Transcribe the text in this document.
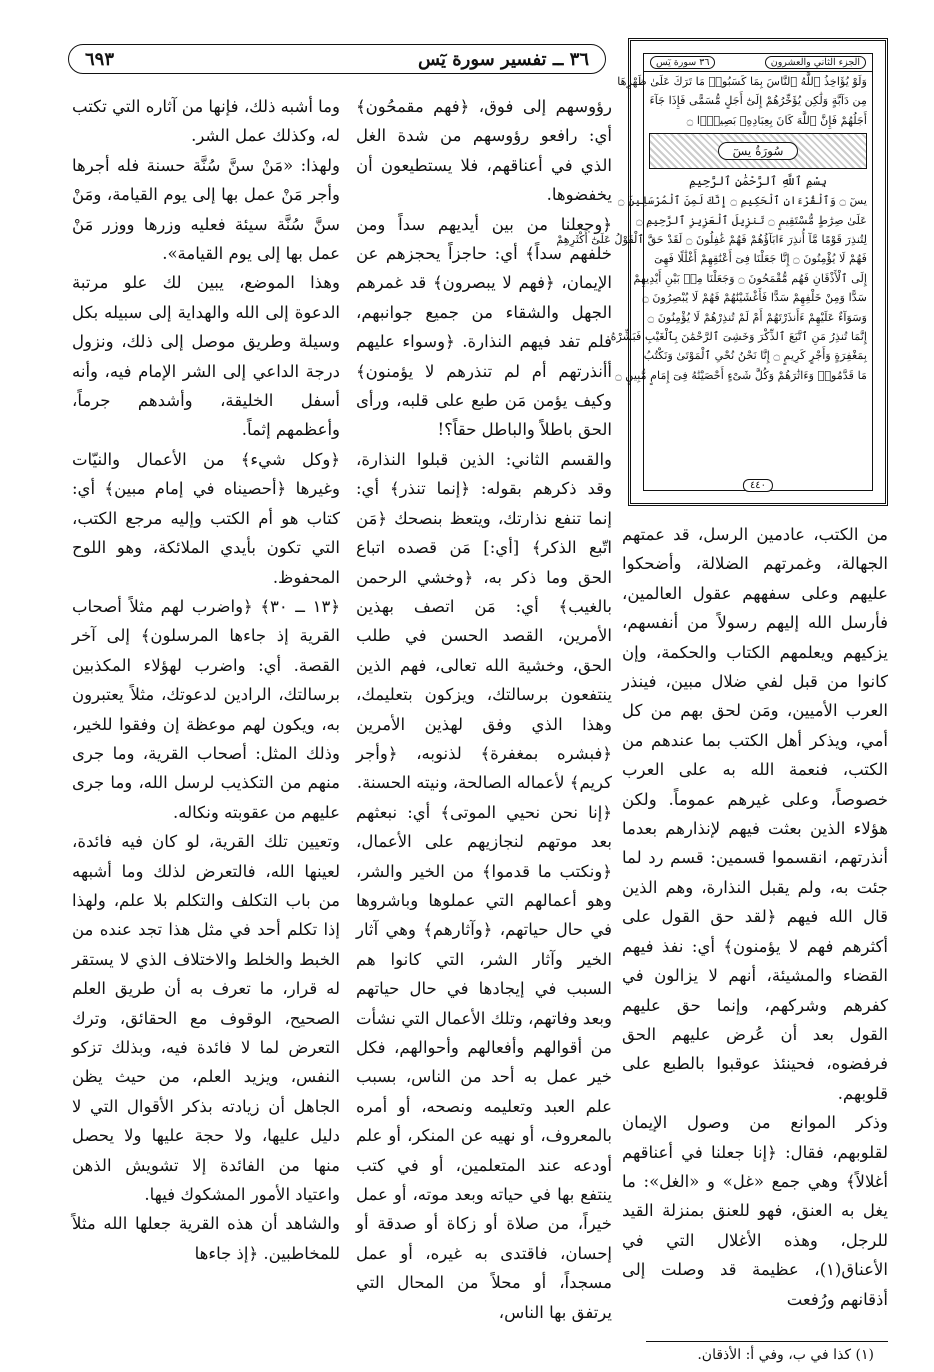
٣٦ ــ تفسير سورة يٓس
٦٩٣	الجزء الثاني والعشرون
٣٦ سورة يٓس
وَلَوْ يُؤَاخِذُ ٱللَّهُ ٱلنَّاسَ بِمَا كَسَبُوا۟ مَا تَرَكَ عَلَىٰ ظَهْرِهَا
مِن دَآبَّةٍ وَلَٰكِن يُؤَخِّرُهُمْ إِلَىٰٓ أَجَلٍ مُّسَمًّى فَإِذَا جَآءَ
أَجَلُهُمْ فَإِنَّ ٱللَّهَ كَانَ بِعِبَادِهِۦ بَصِيرًۢا ۝
سُورَةُ يسٓ
بِسْمِ ٱللَّهِ ٱلرَّحْمَٰنِ ٱلرَّحِيمِ
يسٓ ۝ وَٱلْقُرْءَانِ ٱلْحَكِيمِ ۝ إِنَّكَ لَمِنَ ٱلْمُرْسَلِينَ ۝
عَلَىٰ صِرَٰطٍ مُّسْتَقِيمٍ ۝ تَنزِيلَ ٱلْعَزِيزِ ٱلرَّحِيمِ ۝
لِتُنذِرَ قَوْمًا مَّآ أُنذِرَ ءَابَآؤُهُمْ فَهُمْ غَٰفِلُونَ ۝ لَقَدْ حَقَّ ٱلْقَوْلُ عَلَىٰٓ أَكْثَرِهِمْ
فَهُمْ لَا يُؤْمِنُونَ ۝ إِنَّا جَعَلْنَا فِىٓ أَعْنَٰقِهِمْ أَغْلَٰلًا فَهِىَ
إِلَى ٱلْأَذْقَانِ فَهُم مُّقْمَحُونَ ۝ وَجَعَلْنَا مِنۢ بَيْنِ أَيْدِيهِمْ
سَدًّا وَمِنْ خَلْفِهِمْ سَدًّا فَأَغْشَيْنَٰهُمْ فَهُمْ لَا يُبْصِرُونَ ۝
وَسَوَآءٌ عَلَيْهِمْ ءَأَنذَرْتَهُمْ أَمْ لَمْ تُنذِرْهُمْ لَا يُؤْمِنُونَ ۝
إِنَّمَا تُنذِرُ مَنِ ٱتَّبَعَ ٱلذِّكْرَ وَخَشِىَ ٱلرَّحْمَٰنَ بِٱلْغَيْبِ فَبَشِّرْهُ
بِمَغْفِرَةٍ وَأَجْرٍ كَرِيمٍ ۝ إِنَّا نَحْنُ نُحْىِ ٱلْمَوْتَىٰ وَنَكْتُبُ
مَا قَدَّمُوا۟ وَءَاثَٰرَهُمْ وَكُلَّ شَىْءٍ أَحْصَيْنَٰهُ فِىٓ إِمَامٍ مُّبِينٍ ۝
٤٤٠

رؤوسهم إلى فوق، ﴿فهم مقمحُون﴾ أي: رافعو رؤوسهم من شدة الغل الذي في أعناقهم، فلا يستطيعون أن يخفضوها.

﴿وجعلنا من بين أيديهم سداً ومن خلفهم سداً﴾ أي: حاجزاً يحجزهم عن الإيمان، ﴿فهم لا يبصرون﴾ قد غمرهم الجهل والشقاء من جميع جوانبهم، فلم تفد فيهم النذارة. ﴿وسواء عليهم أأنذرتهم أم لم تنذرهم لا يؤمنون﴾ وكيف يؤمن مَن طبع على قلبه، ورأى الحق باطلاً والباطل حقاً؟!

والقسم الثاني: الذين قبلوا النذارة، وقد ذكرهم بقوله: ﴿إنما تنذر﴾ أي: إنما تنفع نذارتك، ويتعظ بنصحك ﴿مَن اتّبع الذكر﴾ [أي:] مَن قصده اتباع الحق وما ذكر به، ﴿وخشي الرحمن بالغيب﴾ أي: مَن اتصف بهذين الأمرين، القصد الحسن في طلب الحق، وخشية الله تعالى، فهم الذين ينتفعون برسالتك، ويزكون بتعليمك، وهذا الذي وفق لهذين الأمرين ﴿فبشره بمغفرة﴾ لذنوبه، ﴿وأجر كريم﴾ لأعماله الصالحة، ونيته الحسنة.

﴿إنا نحن نحيي الموتى﴾ أي: نبعثهم بعد موتهم لنجازيهم على الأعمال، ﴿ونكتب ما قدموا﴾ من الخير والشر، وهو أعمالهم التي عملوها وباشروها في حال حياتهم، ﴿وآثارهم﴾ وهي آثار الخير وآثار الشر، التي كانوا هم السبب في إيجادها في حال حياتهم وبعد وفاتهم، وتلك الأعمال التي نشأت من أقوالهم وأفعالهم وأحوالهم، فكل خير عمل به أحد من الناس، بسبب علم العبد وتعليمه ونصحه، أو أمره بالمعروف، أو نهيه عن المنكر، أو علم أودعه عند المتعلمين، أو في كتب ينتفع بها في حياته وبعد موته، أو عمل خيراً، من صلاة أو زكاة أو صدقة أو إحسان، فاقتدى به غيره، أو عمل مسجداً، أو محلاً من المحال التي يرتفق بها الناس،

وما أشبه ذلك، فإنها من آثاره التي تكتب له، وكذلك عمل الشر.

ولهذا: «مَنْ سنَّ سُنَّة حسنة فله أجرها وأجر مَنْ عمل بها إلى يوم القيامة، ومَنْ سنَّ سُنَّة سيئة فعليه وزرها ووزر مَنْ عمل بها إلى يوم القيامة».

وهذا الموضع، يبين لك علو مرتبة الدعوة إلى الله والهداية إلى سبيله بكل وسيلة وطريق موصل إلى ذلك، ونزول درجة الداعي إلى الشر الإمام فيه، وأنه أسفل الخليقة، وأشدهم جرماً، وأعظمهم إثماً.

﴿وكل شيء﴾ من الأعمال والنيّات وغيرها ﴿أحصيناه في إمام مبين﴾ أي: كتاب هو أم الكتب وإليه مرجع الكتب، التي تكون بأيدي الملائكة، وهو اللوح المحفوظ.

﴿١٣ ــ ٣٠﴾ ﴿واضرب لهم مثلاً أصحاب القرية إذ جاءها المرسلون﴾ إلى آخر القصة. أي: واضرب لهؤلاء المكذبين برسالتك، الرادين لدعوتك، مثلاً يعتبرون به، ويكون لهم موعظة إن وفقوا للخير، وذلك المثل: أصحاب القرية، وما جرى منهم من التكذيب لرسل الله، وما جرى عليهم من عقوبته ونكاله.

وتعيين تلك القرية، لو كان فيه فائدة، لعينها الله، فالتعرض لذلك وما أشبهه من باب التكلف والتكلم بلا علم، ولهذا إذا تكلم أحد في مثل هذا تجد عنده من الخبط والخلط والاختلاف الذي لا يستقر له قرار، ما تعرف به أن طريق العلم الصحيح، الوقوف مع الحقائق، وترك التعرض لما لا فائدة فيه، وبذلك تزكو النفس، ويزيد العلم، من حيث يظن الجاهل أن زيادته بذكر الأقوال التي لا دليل عليها، ولا حجة عليها ولا يحصل منها من الفائدة إلا تشويش الذهن واعتياد الأمور المشكوك فيها.

والشاهد أن هذه القرية جعلها الله مثلاً للمخاطبين. ﴿إذ جاءها

من الكتب، عادمين الرسل، قد عمتهم الجهالة، وغمرتهم الضلالة، وأضحكوا عليهم وعلى سفههم عقول العالمين، فأرسل الله إليهم رسولاً من أنفسهم، يزكيهم ويعلمهم الكتاب والحكمة، وإن كانوا من قبل لفي ضلال مبين، فينذر العرب الأميين، ومَن لحق بهم من كل أمي، ويذكر أهل الكتب بما عندهم من الكتب، فنعمة الله به على العرب خصوصاً، وعلى غيرهم عموماً. ولكن هؤلاء الذين بعثت فيهم لإنذارهم بعدما أنذرتهم، انقسموا قسمين: قسم رد لما جئت به، ولم يقبل النذارة، وهم الذين قال الله فيهم ﴿لقد حق القول على أكثرهم فهم لا يؤمنون﴾ أي: نفذ فيهم القضاء والمشيئة، أنهم لا يزالون في كفرهم وشركهم، وإنما حق عليهم القول بعد أن عُرض عليهم الحق فرفضوه، فحينئذ عوقبوا بالطبع على قلوبهم.

وذكر الموانع من وصول الإيمان لقلوبهم، فقال: ﴿إنا جعلنا في أعناقهم أغلالاً﴾ وهي جمع «غل» و «الغل»: ما يغل به العنق، فهو للعنق بمنزلة القيد للرجل، وهذه الأغلال التي في الأعناق(١)، عظيمة قد وصلت إلى أذقانهم ورُفعت

(١) كذا في ب، وفي أ: الأذقان.
